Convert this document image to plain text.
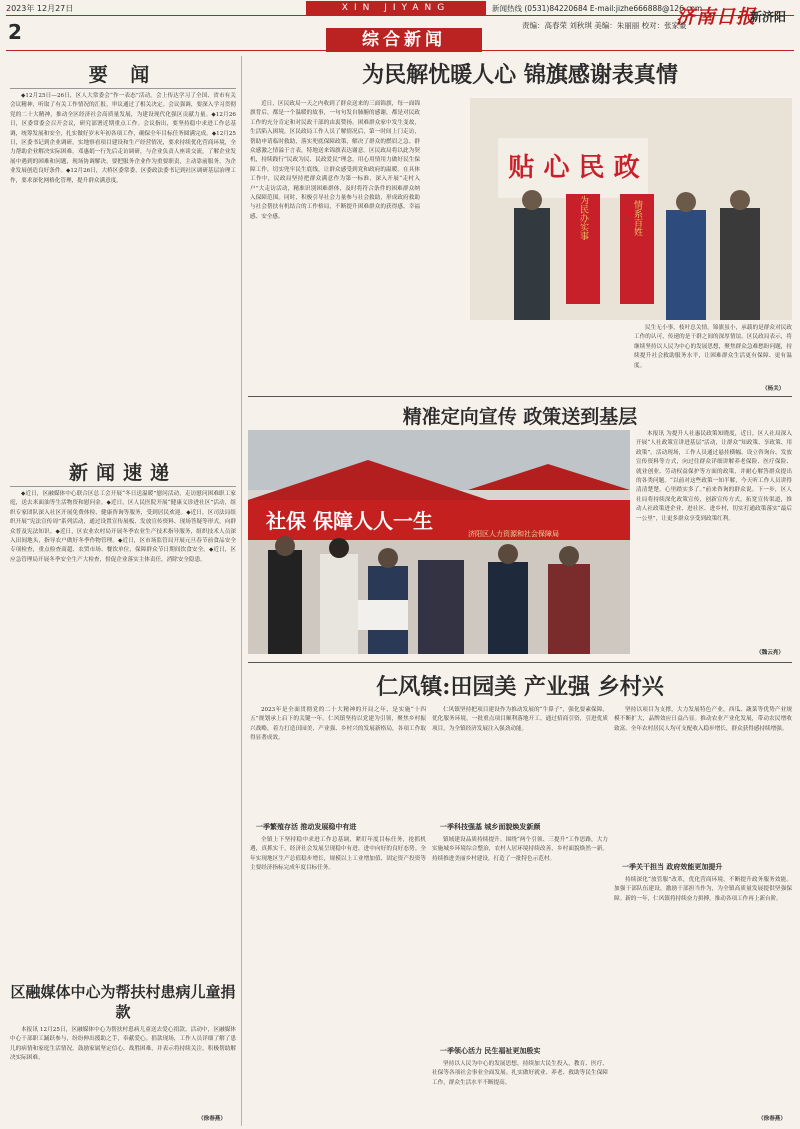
2023年 12月27日	XIN JIYANG	新闻热线 (0531)84220684 E-mail:jizhe666888@126.com
济南日报
新济阳
2	责编：高春荣 刘秋琪 美编：朱丽丽 校对：张家豪
综合新闻
要 闻

◆12月25日—26日，区人大常委会“作一表态”活动。会上传达学习了全国、省市有关会议精神，听取了有关工作情况的汇报，审议通过了相关决定。会议强调，要深入学习贯彻党的二十大精神，推动全区经济社会高质量发展，为建设现代化强区贡献力量。◆12月26日，区委常委会召开会议，研究部署近期重点工作。会议指出，要坚持稳中求进工作总基调，统筹发展和安全，扎实做好岁末年初各项工作，确保全年目标任务圆满完成。◆12月25日，区委书记到企业调研，实地察看项目建设和生产经营情况，要求持续优化营商环境，全力帮助企业解决实际困难。邓惠娟一行先后走访调研，与企业负责人座谈交流，了解企业发展中遇到的困难和问题，现场协调解决。要把服务企业作为重要职责，主动靠前服务，为企业发展创造良好条件。◆12月26日，大桥区委常委、区委政法委书记到社区调研基层治理工作，要求深化网格化管理，提升群众满意度。

新闻速递

◆近日，区融媒体中心联合区总工会开展“冬日送温暖”慰问活动，走访慰问困难职工家庭，送去米面油等生活物资和慰问金。◆近日，区人民医院开展“健康义诊进社区”活动，组织专家团队深入社区开展免费体检、健康咨询等服务，受到居民欢迎。◆近日，区司法局组织开展“宪法宣传周”系列活动，通过设置宣传展板、发放宣传资料、现场答疑等形式，向群众普及宪法知识。◆近日，区农业农村局开展冬季农业生产技术指导服务，组织技术人员深入田间地头，指导农户做好冬季作物管理。◆近日，区市场监管局开展元旦春节前食品安全专项检查，重点检查商超、农贸市场、餐饮单位，保障群众节日期间饮食安全。◆近日，区应急管理局开展冬季安全生产大检查，督促企业落实主体责任，消除安全隐患。

区融媒体中心为帮扶村患病儿童捐款

本报讯 12月25日，区融媒体中心为帮扶村患病儿童送去爱心捐款。活动中，区融媒体中心干部职工踊跃参与，纷纷伸出援助之手，奉献爱心。捐款现场，工作人员详细了解了患儿的病情和家庭生活情况，鼓励家属坚定信心、战胜困难，并表示将持续关注，积极帮助解决实际困难。

（徐春燕）
为民解忧暖人心 锦旗感谢表真情

近日，区民政局一天之内收到了群众送来的三面锦旗，每一面锦旗背后，都是一个温暖的故事，一句句发自肺腑的感谢，都是对民政工作的充分肯定和对民政干部的由衷赞扬。困难群众家中发生变故，生活陷入困境，区民政局工作人员了解情况后，第一时间上门走访，帮助申请临时救助，落实兜底保障政策，解决了群众的燃眉之急。群众感激之情溢于言表，特地送来锦旗表达谢意。区民政局将以此为契机，持续践行“民政为民、民政爱民”理念，用心用情用力做好民生保障工作，切实兜牢民生底线，让群众感受到党和政府的温暖。在具体工作中，民政局坚持把群众满意作为第一标准，深入开展“走村入户”大走访活动，精准识别困难群体，及时将符合条件的困难群众纳入保障范围。同时，积极引导社会力量参与社会救助，形成政府救助与社会帮扶有机结合的工作格局，不断提升困难群众的获得感、幸福感、安全感。

贴 心 民 政
为民办实事	情系百姓

民生无小事，枝叶总关情。锦旗虽小，承载的是群众对民政工作的认可，传递的是干群之间的深厚情谊。区民政局表示，将继续坚持以人民为中心的发展思想，聚焦群众急难愁盼问题，持续提升社会救助服务水平，让困难群众生活更有保障、更有温度。

（杨关）
精准定向宣传 政策送到基层
社保 保障人人一生
济阳区人力资源和社会保障局

本报讯 为提升人社惠民政策知晓度，近日，区人社局深入开展“人社政策宣讲进基层”活动，让群众“知政策、享政策、用政策”。活动现场，工作人员通过悬挂横幅、设立咨询台、发放宣传资料等方式，向过往群众详细讲解养老保险、医疗保险、就业创业、劳动权益保护等方面的政策，并耐心解答群众提出的各类问题。“以前对这些政策一知半解，今天听工作人员讲得清清楚楚，心里踏实多了。”前来咨询的群众说。下一步，区人社局将持续深化政策宣传，创新宣传方式，拓宽宣传渠道，推动人社政策进企业、进社区、进乡村，切实打通政策落实“最后一公里”，让更多群众享受到政策红利。

（魏云亮）
仁风镇:田园美 产业强 乡村兴

2023年是全面贯彻党的二十大精神的开局之年，是实施“十四五”规划承上启下的关键一年。仁风镇坚持以党建为引领，聚焦乡村振兴战略，着力打造田园美、产业强、乡村兴的发展新格局，各项工作取得显著成效。

一季繁殖存活 推动发展稳中有进

全镇上下坚持稳中求进工作总基调，紧盯年度目标任务，抢抓机遇，真抓实干，经济社会发展呈现稳中有进、进中向好的良好态势。全年实现地区生产总值稳步增长，规模以上工业增加值、固定资产投资等主要经济指标完成年度目标任务。

仁风镇坚持把项目建设作为推动发展的“牛鼻子”，强化要素保障，优化服务环境，一批重点项目顺利落地开工。通过招商引资，引进优质项目，为全镇经济发展注入强劲动能。

一季科技强基 城乡面貌焕发新颜

镇域建设品质持续提升。围绕“两个引领、三提升”工作思路，大力实施城乡环境综合整治，农村人居环境持续改善，乡村面貌焕然一新。持续推进美丽乡村建设，打造了一批特色示范村。

一季领心活力 民生福祉更加殷实

坚持以人民为中心的发展思想，持续加大民生投入，教育、医疗、社保等各项社会事业全面发展。扎实做好就业、养老、救助等民生保障工作，群众生活水平不断提高。

坚持以项目为支撑，大力发展特色产业，西瓜、蔬菜等优势产业规模不断扩大，品牌效应日益凸显。推动农业产业化发展，带动农民增收致富。全年农村居民人均可支配收入稳步增长，群众获得感持续增强。

一季关干担当 政府效能更加提升

持续深化“放管服”改革，优化营商环境，不断提升政务服务效能。加强干部队伍建设，激励干部担当作为，为全镇高质量发展提供坚强保障。新的一年，仁风镇将持续奋力拼搏，推动各项工作再上新台阶。

（徐春燕）
